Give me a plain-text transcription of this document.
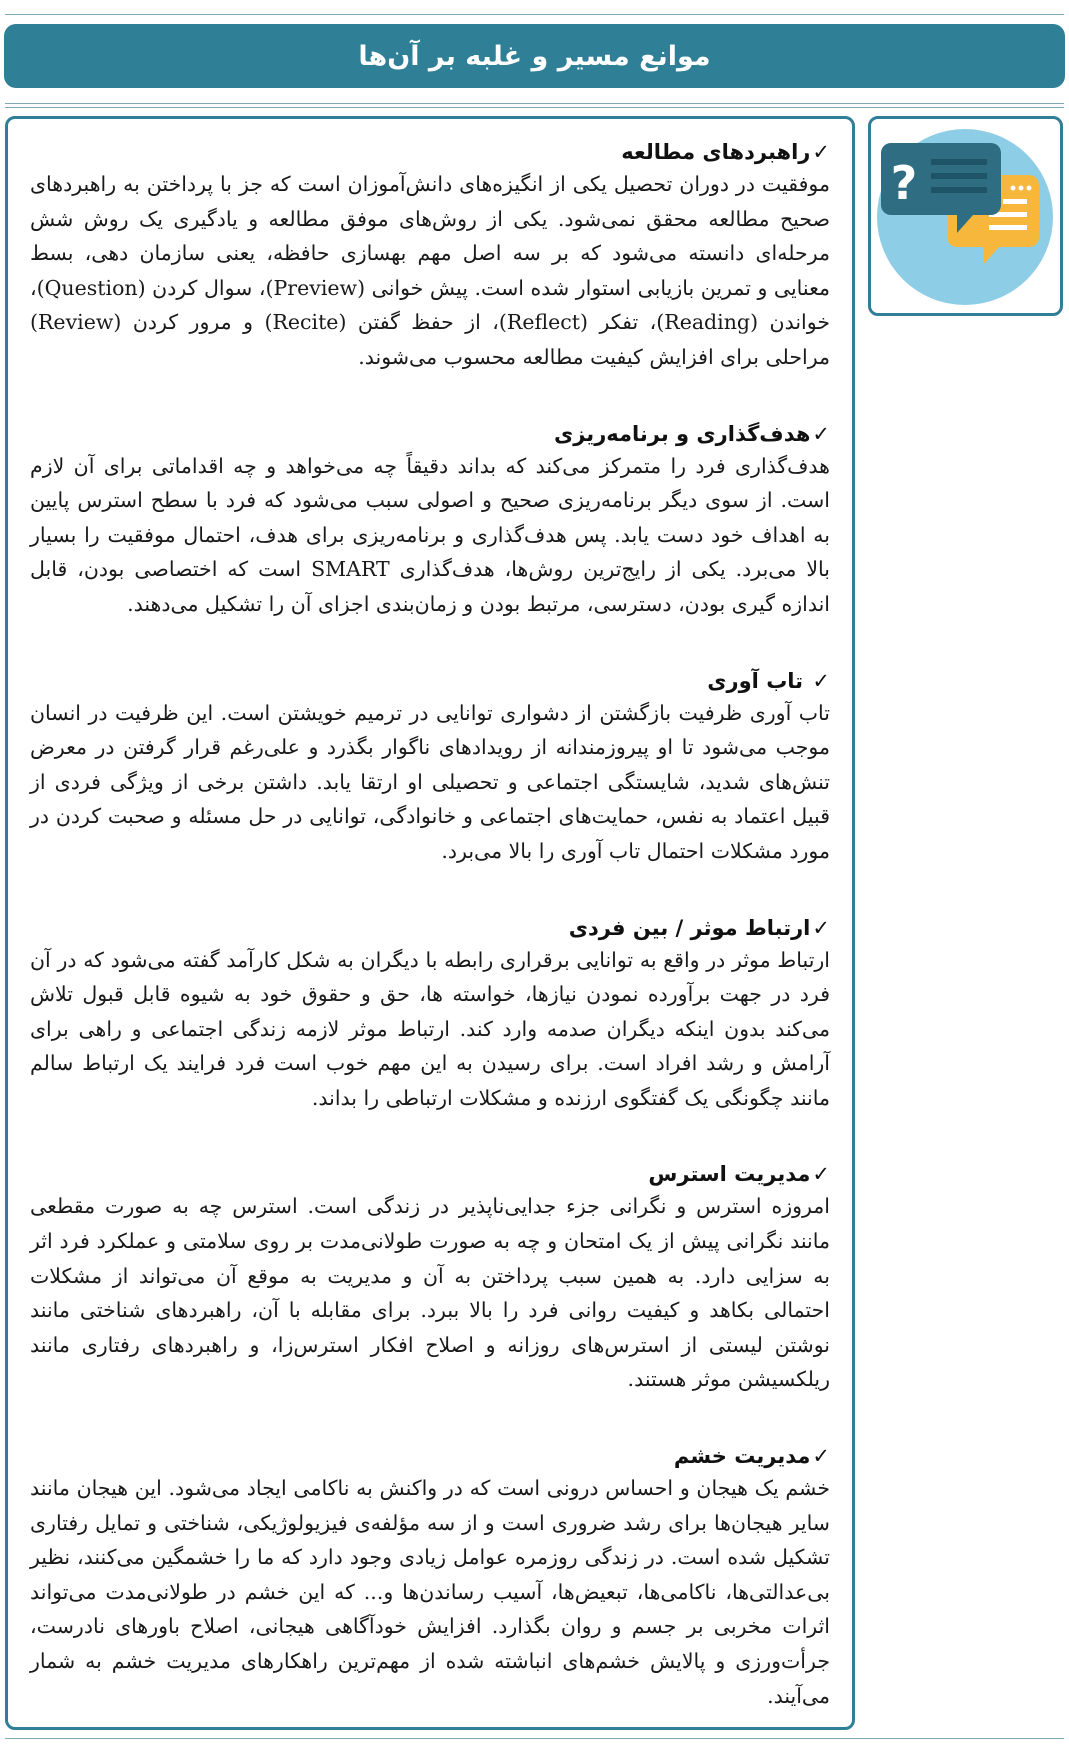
موانع مسیر و غلبه بر آن‌ها
?
✓راهبردهای مطالعه

موفقیت در دوران تحصیل یکی از انگیزه‌های دانش‌آموزان است که جز با پرداختن به راهبردهای صحیح مطالعه محقق نمی‌شود. یکی از روش‌های موفق مطالعه و یادگیری یک روش شش مرحله‌ای دانسته می‌شود که بر سه اصل مهم بهسازی حافظه، یعنی سازمان دهی، بسط معنایی و تمرین بازیابی استوار شده است. پیش خوانی (Preview)، سوال کردن (Question)، خواندن (Reading)، تفکر (Reflect)، از حفظ گفتن (Recite) و مرور کردن (Review) مراحلی برای افزایش کیفیت مطالعه محسوب می‌شوند.

✓هدف‌گذاری و برنامه‌ریزی

هدف‌گذاری فرد را متمرکز می‌کند که بداند دقیقاً چه می‌خواهد و چه اقداماتی برای آن لازم است. از سوی دیگر برنامه‌ریزی صحیح و اصولی سبب می‌شود که فرد با سطح استرس پایین به اهداف خود دست یابد. پس هدف‌گذاری و برنامه‌ریزی برای هدف، احتمال موفقیت را بسیار بالا می‌برد. یکی از رایج‌ترین روش‌ها، هدف‌گذاری SMART است که اختصاصی بودن، قابل اندازه گیری بودن، دسترسی، مرتبط بودن و زمان‌بندی اجزای آن را تشکیل می‌دهند.

✓ تاب آوری

تاب آوری ظرفیت بازگشتن از دشواری توانایی در ترمیم خویشتن است. این ظرفیت در انسان موجب می‌شود تا او پیروزمندانه از رویدادهای ناگوار بگذرد و علی‌رغم قرار گرفتن در معرض تنش‌های شدید، شایستگی اجتماعی و تحصیلی او ارتقا یابد. داشتن برخی از ویژگی فردی از قبیل اعتماد به نفس، حمایت‌های اجتماعی و خانوادگی، توانایی در حل مسئله و صحبت کردن در مورد مشکلات احتمال تاب آوری را بالا می‌برد.

✓ارتباط موثر / بین فردی

ارتباط موثر در واقع به توانایی برقراری رابطه با دیگران به شکل کارآمد گفته می‌شود که در آن فرد در جهت برآورده نمودن نیازها، خواسته ها، حق و حقوق خود به شیوه قابل قبول تلاش می‌کند بدون اینکه دیگران صدمه وارد کند. ارتباط موثر لازمه زندگی اجتماعی و راهی برای آرامش و رشد افراد است. برای رسیدن به این مهم خوب است فرد فرایند یک ارتباط سالم مانند چگونگی یک گفتگوی ارزنده و مشکلات ارتباطی را بداند.

✓مدیریت استرس

امروزه استرس و نگرانی جزء جدایی‌ناپذیر در زندگی است. استرس چه به صورت مقطعی مانند نگرانی پیش از یک امتحان و چه به صورت طولانی‌مدت بر روی سلامتی و عملکرد فرد اثر به سزایی دارد. به همین سبب پرداختن به آن و مدیریت به موقع آن می‌تواند از مشکلات احتمالی بکاهد و کیفیت روانی فرد را بالا ببرد. برای مقابله با آن، راهبردهای شناختی مانند نوشتن لیستی از استرس‌های روزانه و اصلاح افکار استرس‌زا، و راهبردهای رفتاری مانند ریلکسیشن موثر هستند.

✓مدیریت خشم

خشم یک هیجان و احساس درونی است که در واکنش به ناکامی ایجاد می‌شود. این هیجان مانند سایر هیجان‌ها برای رشد ضروری است و از سه مؤلفه‌ی فیزیولوژیکی، شناختی و تمایل رفتاری تشکیل شده است. در زندگی روزمره عوامل زیادی وجود دارد که ما را خشمگین می‌کنند، نظیر بی‌عدالتی‌ها، ناکامی‌ها، تبعیض‌ها، آسیب رساندن‌ها و... که این خشم در طولانی‌مدت می‌تواند اثرات مخربی بر جسم و روان بگذارد. افزایش خودآگاهی هیجانی، اصلاح باورهای نادرست، جرأت‌ورزی و پالایش خشم‌های انباشته شده از مهم‌ترین راهکارهای مدیریت خشم به شمار می‌آیند.
